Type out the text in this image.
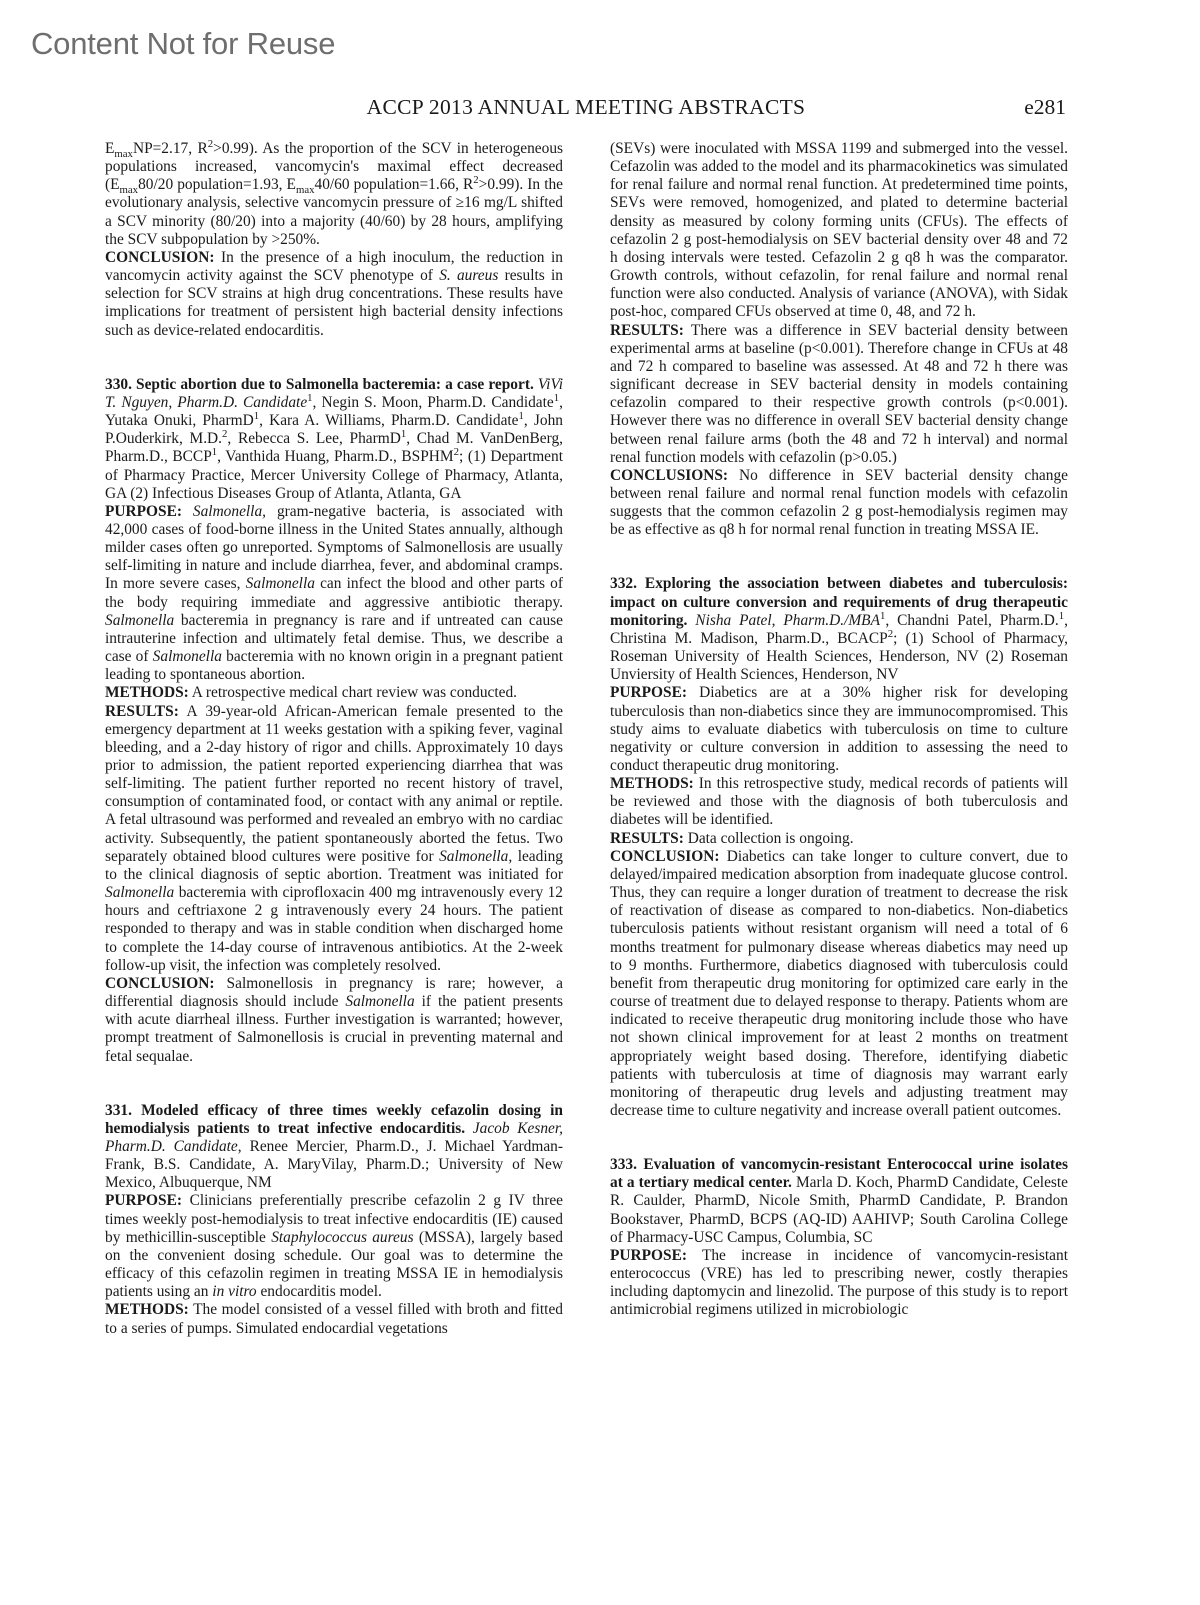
Content Not for Reuse
ACCP 2013 ANNUAL MEETING ABSTRACTS	e281

$E_{max}NP=2.17$, $R^2>0.99$). As the proportion of the SCV in heterogeneous populations increased, vancomycin's maximal effect decreased ($E_{max}80/20$ population=1.93, $E_{max}40/60$ population=1.66, $R^2>0.99$). In the evolutionary analysis, selective vancomycin pressure of ≥16 mg/L shifted a SCV minority (80/20) into a majority (40/60) by 28 hours, amplifying the SCV subpopulation by >250%.

CONCLUSION: In the presence of a high inoculum, the reduction in vancomycin activity against the SCV phenotype of S. aureus results in selection for SCV strains at high drug concentrations. These results have implications for treatment of persistent high bacterial density infections such as device-related endocarditis.

330. Septic abortion due to Salmonella bacteremia: a case report. ViVi T. Nguyen, Pharm.D. Candidate$^1$, Negin S. Moon, Pharm.D. Candidate$^1$, Yutaka Onuki, PharmD$^1$, Kara A. Williams, Pharm.D. Candidate$^1$, John P.Ouderkirk, M.D.$^2$, Rebecca S. Lee, PharmD$^1$, Chad M. VanDenBerg, Pharm.D., BCCP$^1$, Vanthida Huang, Pharm.D., BSPHM$^2$; (1) Department of Pharmacy Practice, Mercer University College of Pharmacy, Atlanta, GA (2) Infectious Diseases Group of Atlanta, Atlanta, GA

PURPOSE: Salmonella, gram-negative bacteria, is associated with 42,000 cases of food-borne illness in the United States annually, although milder cases often go unreported. Symptoms of Salmonellosis are usually self-limiting in nature and include diarrhea, fever, and abdominal cramps. In more severe cases, Salmonella can infect the blood and other parts of the body requiring immediate and aggressive antibiotic therapy. Salmonella bacteremia in pregnancy is rare and if untreated can cause intrauterine infection and ultimately fetal demise. Thus, we describe a case of Salmonella bacteremia with no known origin in a pregnant patient leading to spontaneous abortion.

METHODS: A retrospective medical chart review was conducted.

RESULTS: A 39-year-old African-American female presented to the emergency department at 11 weeks gestation with a spiking fever, vaginal bleeding, and a 2-day history of rigor and chills. Approximately 10 days prior to admission, the patient reported experiencing diarrhea that was self-limiting. The patient further reported no recent history of travel, consumption of contaminated food, or contact with any animal or reptile. A fetal ultrasound was performed and revealed an embryo with no cardiac activity. Subsequently, the patient spontaneously aborted the fetus. Two separately obtained blood cultures were positive for Salmonella, leading to the clinical diagnosis of septic abortion. Treatment was initiated for Salmonella bacteremia with ciprofloxacin 400 mg intravenously every 12 hours and ceftriaxone 2 g intravenously every 24 hours. The patient responded to therapy and was in stable condition when discharged home to complete the 14-day course of intravenous antibiotics. At the 2-week follow-up visit, the infection was completely resolved.

CONCLUSION: Salmonellosis in pregnancy is rare; however, a differential diagnosis should include Salmonella if the patient presents with acute diarrheal illness. Further investigation is warranted; however, prompt treatment of Salmonellosis is crucial in preventing maternal and fetal sequalae.

331. Modeled efficacy of three times weekly cefazolin dosing in hemodialysis patients to treat infective endocarditis. Jacob Kesner, Pharm.D. Candidate, Renee Mercier, Pharm.D., J. Michael Yardman-Frank, B.S. Candidate, A. MaryVilay, Pharm.D.; University of New Mexico, Albuquerque, NM

PURPOSE: Clinicians preferentially prescribe cefazolin 2 g IV three times weekly post-hemodialysis to treat infective endocarditis (IE) caused by methicillin-susceptible Staphylococcus aureus (MSSA), largely based on the convenient dosing schedule. Our goal was to determine the efficacy of this cefazolin regimen in treating MSSA IE in hemodialysis patients using an in vitro endocarditis model.

METHODS: The model consisted of a vessel filled with broth and fitted to a series of pumps. Simulated endocardial vegetations

(SEVs) were inoculated with MSSA 1199 and submerged into the vessel. Cefazolin was added to the model and its pharmacokinetics was simulated for renal failure and normal renal function. At predetermined time points, SEVs were removed, homogenized, and plated to determine bacterial density as measured by colony forming units (CFUs). The effects of cefazolin 2 g post-hemodialysis on SEV bacterial density over 48 and 72 h dosing intervals were tested. Cefazolin 2 g q8 h was the comparator. Growth controls, without cefazolin, for renal failure and normal renal function were also conducted. Analysis of variance (ANOVA), with Sidak post-hoc, compared CFUs observed at time 0, 48, and 72 h.

RESULTS: There was a difference in SEV bacterial density between experimental arms at baseline (p<0.001). Therefore change in CFUs at 48 and 72 h compared to baseline was assessed. At 48 and 72 h there was significant decrease in SEV bacterial density in models containing cefazolin compared to their respective growth controls (p<0.001). However there was no difference in overall SEV bacterial density change between renal failure arms (both the 48 and 72 h interval) and normal renal function models with cefazolin (p>0.05.)

CONCLUSIONS: No difference in SEV bacterial density change between renal failure and normal renal function models with cefazolin suggests that the common cefazolin 2 g post-hemodialysis regimen may be as effective as q8 h for normal renal function in treating MSSA IE.

332. Exploring the association between diabetes and tuberculosis: impact on culture conversion and requirements of drug therapeutic monitoring. Nisha Patel, Pharm.D./MBA$^1$, Chandni Patel, Pharm.D.$^1$, Christina M. Madison, Pharm.D., BCACP$^2$; (1) School of Pharmacy, Roseman University of Health Sciences, Henderson, NV (2) Roseman Unviersity of Health Sciences, Henderson, NV

PURPOSE: Diabetics are at a 30% higher risk for developing tuberculosis than non-diabetics since they are immunocompromised. This study aims to evaluate diabetics with tuberculosis on time to culture negativity or culture conversion in addition to assessing the need to conduct therapeutic drug monitoring.

METHODS: In this retrospective study, medical records of patients will be reviewed and those with the diagnosis of both tuberculosis and diabetes will be identified.

RESULTS: Data collection is ongoing.

CONCLUSION: Diabetics can take longer to culture convert, due to delayed/impaired medication absorption from inadequate glucose control. Thus, they can require a longer duration of treatment to decrease the risk of reactivation of disease as compared to non-diabetics. Non-diabetics tuberculosis patients without resistant organism will need a total of 6 months treatment for pulmonary disease whereas diabetics may need up to 9 months. Furthermore, diabetics diagnosed with tuberculosis could benefit from therapeutic drug monitoring for optimized care early in the course of treatment due to delayed response to therapy. Patients whom are indicated to receive therapeutic drug monitoring include those who have not shown clinical improvement for at least 2 months on treatment appropriately weight based dosing. Therefore, identifying diabetic patients with tuberculosis at time of diagnosis may warrant early monitoring of therapeutic drug levels and adjusting treatment may decrease time to culture negativity and increase overall patient outcomes.

333. Evaluation of vancomycin-resistant Enterococcal urine isolates at a tertiary medical center. Marla D. Koch, PharmD Candidate, Celeste R. Caulder, PharmD, Nicole Smith, PharmD Candidate, P. Brandon Bookstaver, PharmD, BCPS (AQ-ID) AAHIVP; South Carolina College of Pharmacy-USC Campus, Columbia, SC

PURPOSE: The increase in incidence of vancomycin-resistant enterococcus (VRE) has led to prescribing newer, costly therapies including daptomycin and linezolid. The purpose of this study is to report antimicrobial regimens utilized in microbiologic
